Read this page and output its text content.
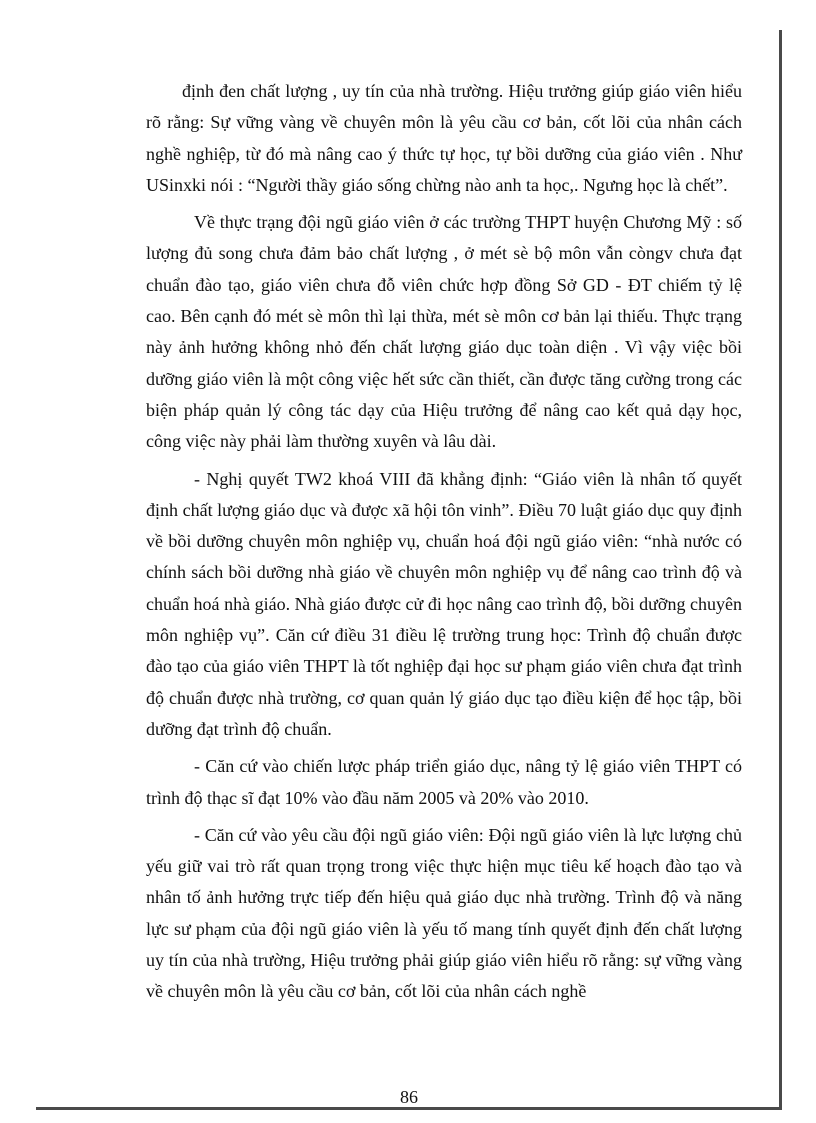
86

định đen chất lượng , uy tín của nhà trường. Hiệu trưởng giúp giáo viên hiểu rõ rằng: Sự vững vàng về chuyên môn là yêu cầu cơ bản, cốt lõi của nhân cách nghề nghiệp, từ đó mà nâng cao ý thức tự học, tự bồi dưỡng của giáo viên . Như USinxki nói : “Người thầy giáo sống chừng nào anh ta học,. Ngưng học là chết”.

Về thực trạng đội ngũ giáo viên ở các trường THPT huyện Chương Mỹ : số lượng đủ song chưa đảm bảo chất lượng , ở mét sè bộ môn vẫn còngv chưa đạt chuẩn đào tạo, giáo viên chưa đỗ viên chức hợp đồng Sở GD - ĐT chiếm tỷ lệ cao. Bên cạnh đó mét sè môn thì lại thừa, mét sè môn cơ bản lại thiếu. Thực trạng này ảnh hưởng không nhỏ đến chất lượng giáo dục toàn diện . Vì vậy việc bồi dưỡng giáo viên là một công việc hết sức cần thiết, cần được tăng cường trong các biện pháp quản lý công tác dạy của Hiệu trưởng để nâng cao kết quả dạy học, công việc này phải làm thường xuyên và lâu dài.

- Nghị quyết TW2 khoá VIII đã khẳng định: “Giáo viên là nhân tố quyết định chất lượng giáo dục và được xã hội tôn vinh”. Điều 70 luật giáo dục quy định về bồi dưỡng chuyên môn nghiệp vụ, chuẩn hoá đội ngũ giáo viên: “nhà nước có chính sách bồi dưỡng nhà giáo về chuyên môn nghiệp vụ để nâng cao trình độ và chuẩn hoá nhà giáo. Nhà giáo được cử đi học nâng cao trình độ, bồi dưỡng chuyên môn nghiệp vụ”. Căn cứ điều 31 điều lệ trường trung học: Trình độ chuẩn được đào tạo của giáo viên THPT là tốt nghiệp đại học sư phạm giáo viên chưa đạt trình độ chuẩn được nhà trường, cơ quan quản lý giáo dục tạo điều kiện để học tập, bồi dưỡng đạt trình độ chuẩn.

- Căn cứ vào chiến lược pháp triển giáo dục, nâng tỷ lệ giáo viên THPT có trình độ thạc sĩ đạt 10% vào đầu năm 2005 và 20% vào 2010.

- Căn cứ vào yêu cầu đội ngũ giáo viên: Đội ngũ giáo viên là lực lượng chủ yếu giữ vai trò rất quan trọng trong việc thực hiện mục tiêu kế hoạch đào tạo và nhân tố ảnh hưởng trực tiếp đến hiệu quả giáo dục nhà trường. Trình độ và năng lực sư phạm của đội ngũ giáo viên là yếu tố mang tính quyết định đến chất lượng uy tín của nhà trường, Hiệu trưởng phải giúp giáo viên hiểu rõ rằng: sự vững vàng về chuyên môn là yêu cầu cơ bản, cốt lõi của nhân cách nghề
